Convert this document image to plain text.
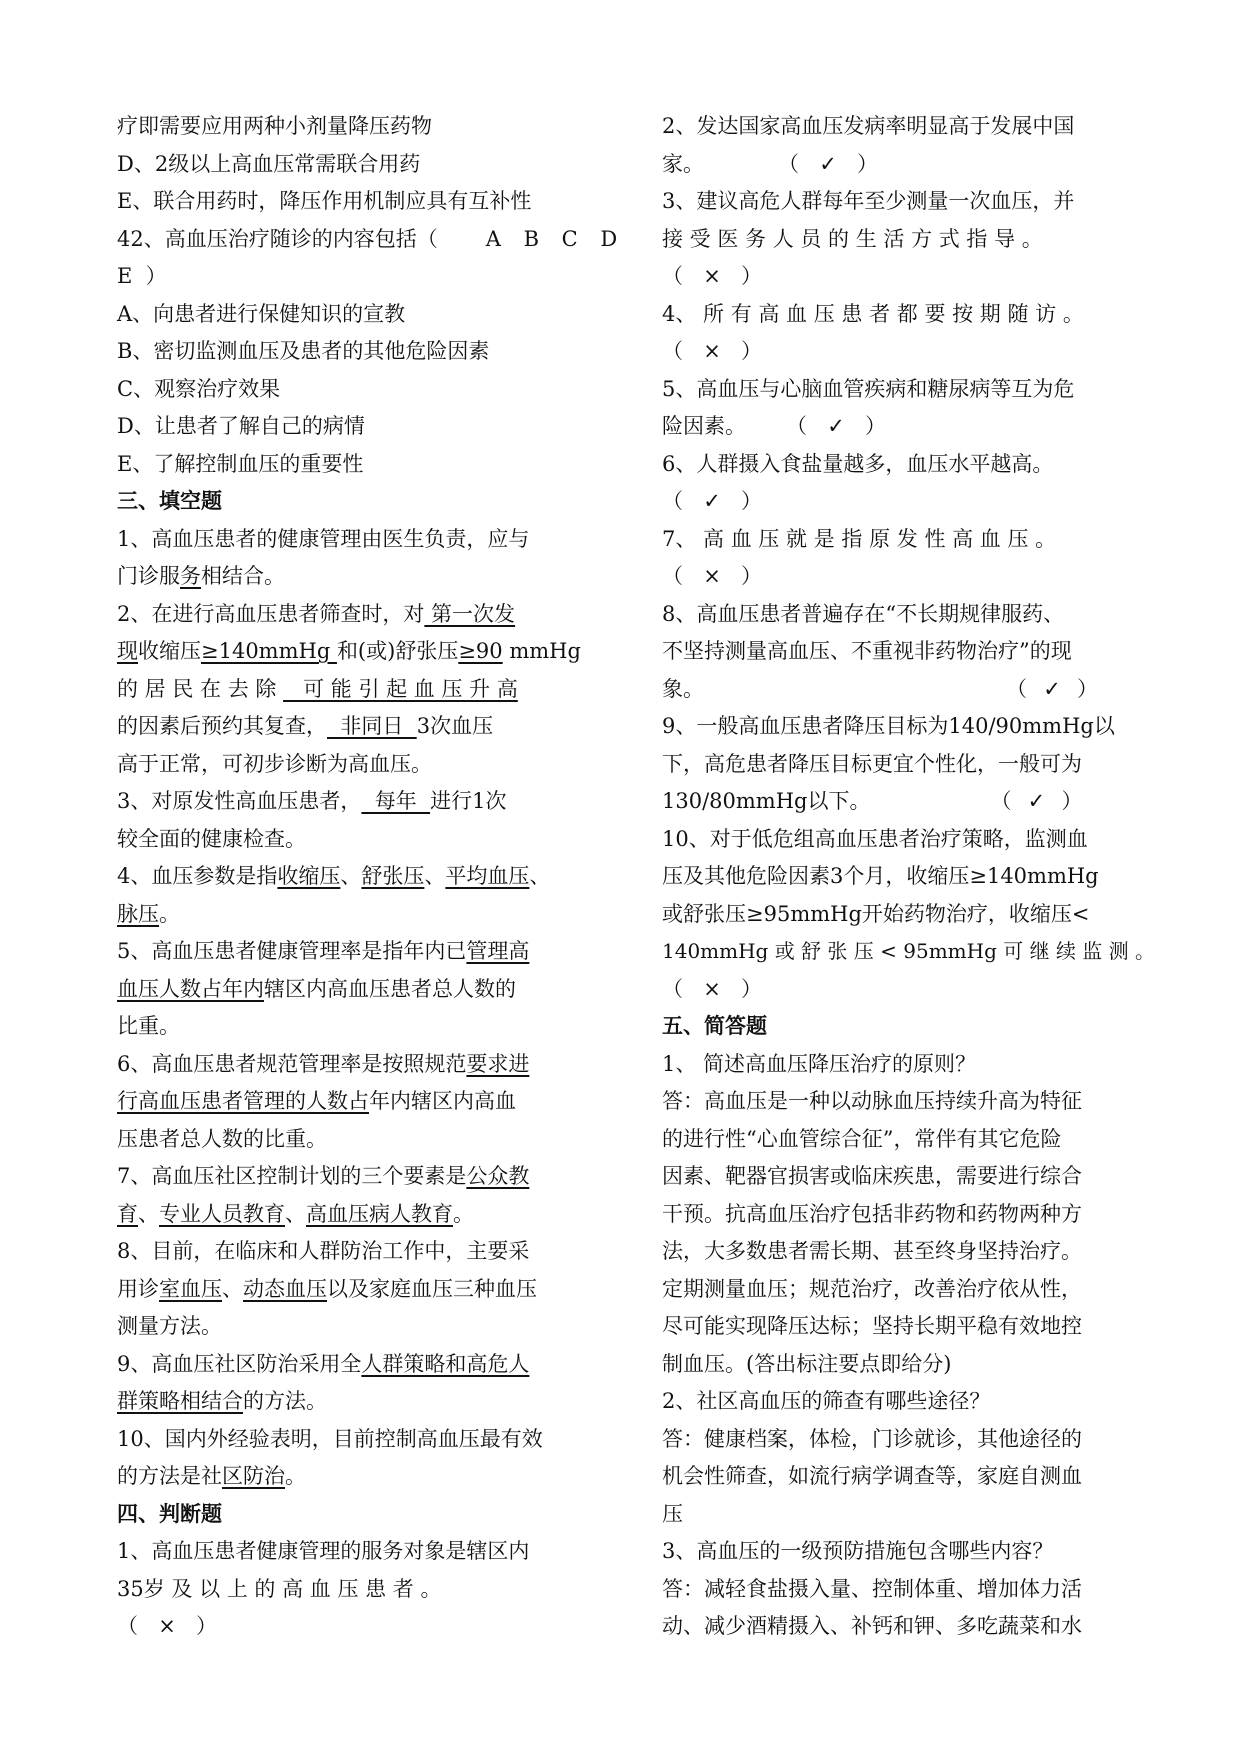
疗即需要应用两种小剂量降压药物
D、2级以上高血压常需联合用药
E、联合用药时，降压作用机制应具有互补性
42、高血压治疗随诊的内容包括（ A B C D
E  ）
A、向患者进行保健知识的宣教
B、密切监测血压及患者的其他危险因素
C、观察治疗效果
D、让患者了解自己的病情
E、了解控制血压的重要性
三、填空题
1、高血压患者的健康管理由医生负责，应与
门诊服务相结合。
2、在进行高血压患者筛查时，对 第一次发
现收缩压≥140mmHg 和(或)舒张压≥90 mmHg
的 居 民 在 去 除    可 能 引 起 血 压 升 高
的因素后预约其复查，  非同日  3次血压
高于正常，可初步诊断为高血压。
3、对原发性高血压患者，  每年  进行1次
较全面的健康检查。
4、血压参数是指收缩压、舒张压、平均血压、
脉压。
5、高血压患者健康管理率是指年内已管理高
血压人数占年内辖区内高血压患者总人数的
比重。
6、高血压患者规范管理率是按照规范要求进
行高血压患者管理的人数占年内辖区内高血
压患者总人数的比重。
7、高血压社区控制计划的三个要素是公众教
育、专业人员教育、高血压病人教育。
8、目前，在临床和人群防治工作中，主要采
用诊室血压、动态血压以及家庭血压三种血压
测量方法。
9、高血压社区防治采用全人群策略和高危人
群策略相结合的方法。
10、国内外经验表明，目前控制高血压最有效
的方法是社区防治。
四、判断题
1、高血压患者健康管理的服务对象是辖区内
35岁 及 以 上 的 高 血 压 患 者 。
（ × ）
2、发达国家高血压发病率明显高于发展中国
家。	（ ✓ ）
3、建议高危人群每年至少测量一次血压，并
接 受 医 务 人 员 的 生 活 方 式 指 导 。
（ × ）
4、 所 有 高 血 压 患 者 都 要 按 期 随 访 。
（ × ）
5、高血压与心脑血管疾病和糖尿病等互为危
险因素。 （ ✓ ）
6、人群摄入食盐量越多，血压水平越高。
（ ✓ ）
7、 高 血 压 就 是 指 原 发 性 高 血 压 。
（ × ）
8、高血压患者普遍存在“不长期规律服药、
不坚持测量高血压、不重视非药物治疗”的现
象。	（ ✓ ）
9、一般高血压患者降压目标为140/90mmHg以
下，高危患者降压目标更宜个性化，一般可为
130/80mmHg以下。	（ ✓ ）
10、对于低危组高血压患者治疗策略，监测血
压及其他危险因素3个月，收缩压≥140mmHg
或舒张压≥95mmHg开始药物治疗，收缩压<
140mmHg 或 舒 张 压 < 95mmHg 可 继 续 监 测 。
（ × ）
五、简答题
1、 简述高血压降压治疗的原则？
答：高血压是一种以动脉血压持续升高为特征
的进行性“心血管综合征”，常伴有其它危险
因素、靶器官损害或临床疾患，需要进行综合
干预。抗高血压治疗包括非药物和药物两种方
法，大多数患者需长期、甚至终身坚持治疗。
定期测量血压；规范治疗，改善治疗依从性，
尽可能实现降压达标；坚持长期平稳有效地控
制血压。(答出标注要点即给分)
2、社区高血压的筛查有哪些途径？
答：健康档案，体检，门诊就诊，其他途径的
机会性筛查，如流行病学调查等，家庭自测血
压
3、高血压的一级预防措施包含哪些内容？
答：减轻食盐摄入量、控制体重、增加体力活
动、减少酒精摄入、补钙和钾、多吃蔬菜和水
